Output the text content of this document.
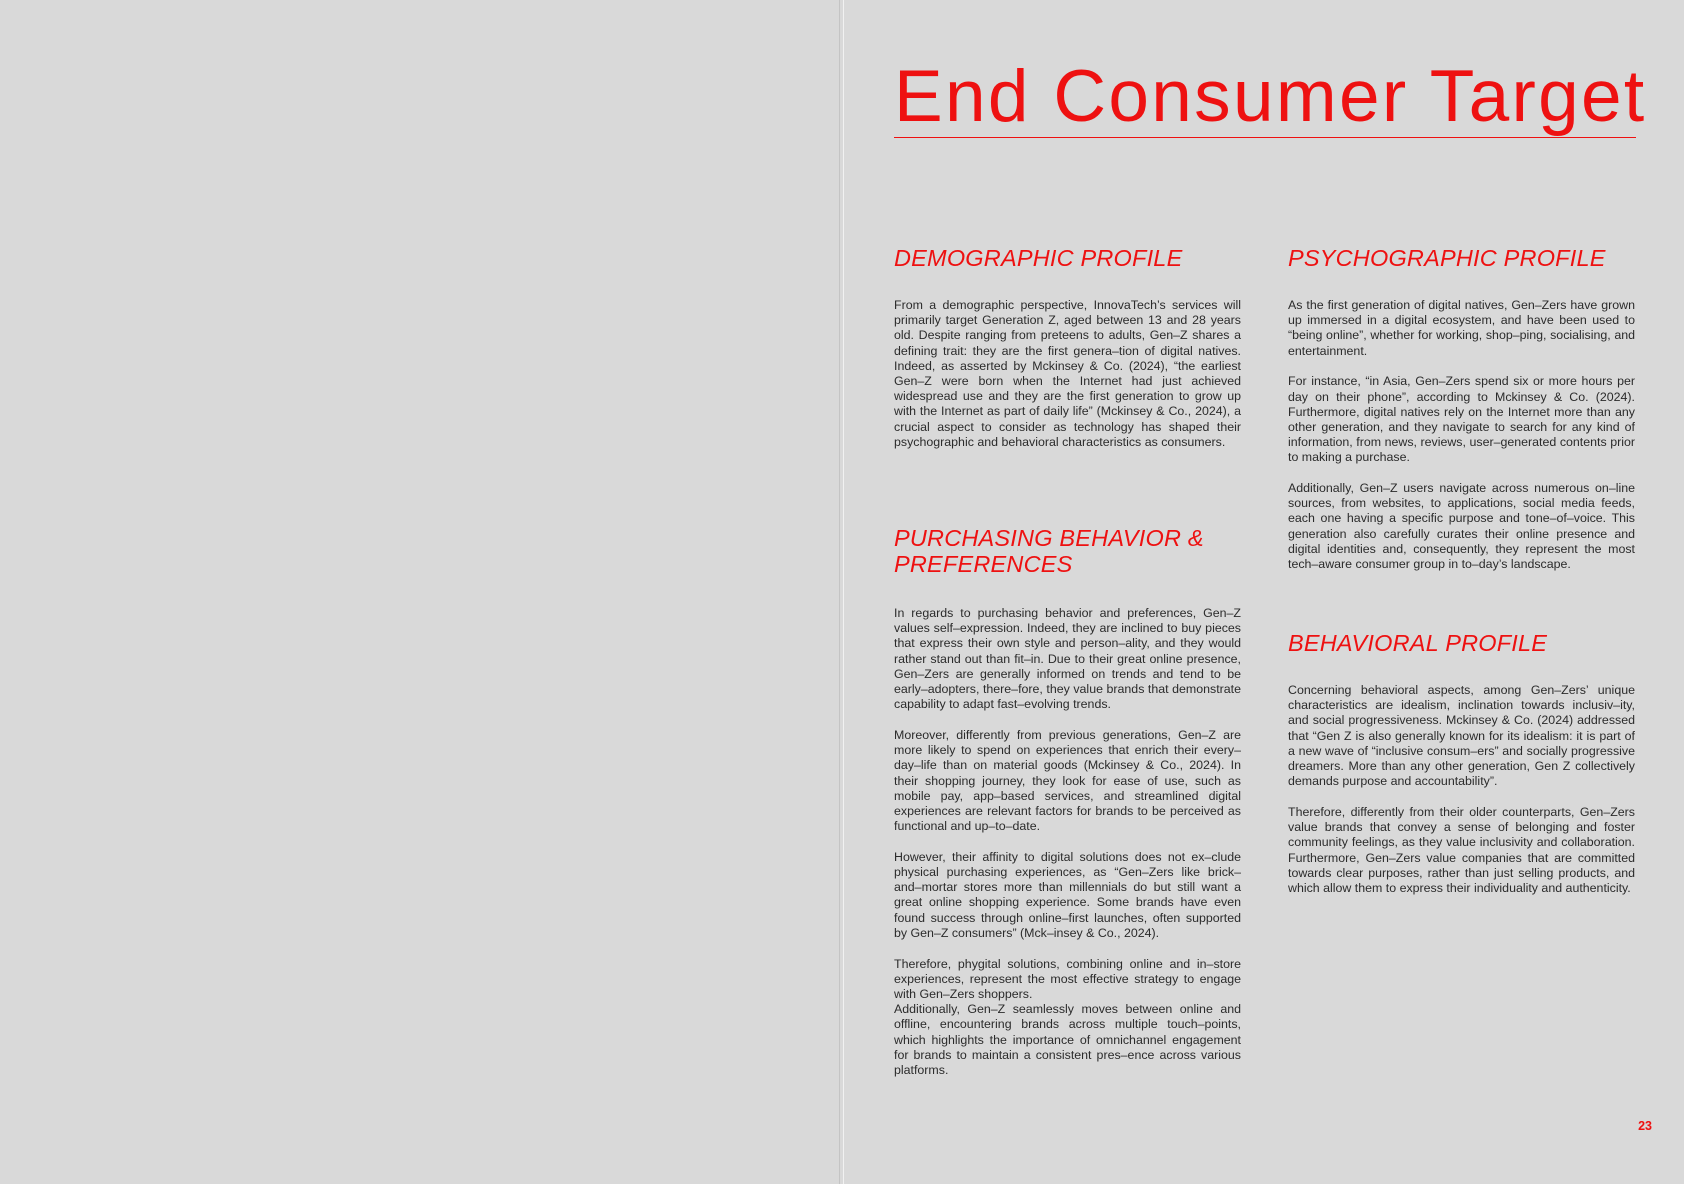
End Consumer Target
DEMOGRAPHIC PROFILE

From a demographic perspective, InnovaTech’s services will primarily target Generation Z, aged between 13 and 28 years old. Despite ranging from preteens to adults, Gen–Z shares a defining trait: they are the first genera–tion of digital natives. Indeed, as asserted by Mckinsey & Co. (2024), “the earliest Gen–Z were born when the Internet had just achieved widespread use and they are the first generation to grow up with the Internet as part of daily life” (Mckinsey & Co., 2024), a crucial aspect to consider as technology has shaped their psychographic and behavioral characteristics as consumers.

PURCHASING BEHAVIOR &
PREFERENCES

In regards to purchasing behavior and preferences, Gen–Z values self–expression. Indeed, they are inclined to buy pieces that express their own style and person–ality, and they would rather stand out than fit–in. Due to their great online presence, Gen–Zers are generally informed on trends and tend to be early–adopters, there–fore, they value brands that demonstrate capability to adapt fast–evolving trends.

Moreover, differently from previous generations, Gen–Z are more likely to spend on experiences that enrich their every–day–life than on material goods (Mckinsey & Co., 2024). In their shopping journey, they look for ease of use, such as mobile pay, app–based services, and streamlined digital experiences are relevant factors for brands to be perceived as functional and up–to–date.

However, their affinity to digital solutions does not ex–clude physical purchasing experiences, as “Gen–Zers like brick–and–mortar stores more than millennials do but still want a great online shopping experience. Some brands have even found success through online–first launches, often supported by Gen–Z consumers” (Mck–insey & Co., 2024).

Therefore, phygital solutions, combining online and in–store experiences, represent the most effective strategy to engage with Gen–Zers shoppers.

Additionally, Gen–Z seamlessly moves between online and offline, encountering brands across multiple touch–points, which highlights the importance of omnichannel engagement for brands to maintain a consistent pres–ence across various platforms.

PSYCHOGRAPHIC PROFILE

As the first generation of digital natives, Gen–Zers have grown up immersed in a digital ecosystem, and have been used to “being online”, whether for working, shop–ping, socialising, and entertainment.

For instance, “in Asia, Gen–Zers spend six or more hours per day on their phone”, according to Mckinsey & Co. (2024). Furthermore, digital natives rely on the Internet more than any other generation, and they navigate to search for any kind of information, from news, reviews, user–generated contents prior to making a purchase.

Additionally, Gen–Z users navigate across numerous on–line sources, from websites, to applications, social media feeds, each one having a specific purpose and tone–of–voice. This generation also carefully curates their online presence and digital identities and, consequently, they represent the most tech–aware consumer group in to–day’s landscape.

BEHAVIORAL PROFILE

Concerning behavioral aspects, among Gen–Zers’ unique characteristics are idealism, inclination towards inclusiv–ity, and social progressiveness. Mckinsey & Co. (2024) addressed that “Gen Z is also generally known for its idealism: it is part of a new wave of “inclusive consum–ers” and socially progressive dreamers. More than any other generation, Gen Z collectively demands purpose and accountability”.

Therefore, differently from their older counterparts, Gen–Zers value brands that convey a sense of belonging and foster community feelings, as they value inclusivity and collaboration. Furthermore, Gen–Zers value companies that are committed towards clear purposes, rather than just selling products, and which allow them to express their individuality and authenticity.

23
